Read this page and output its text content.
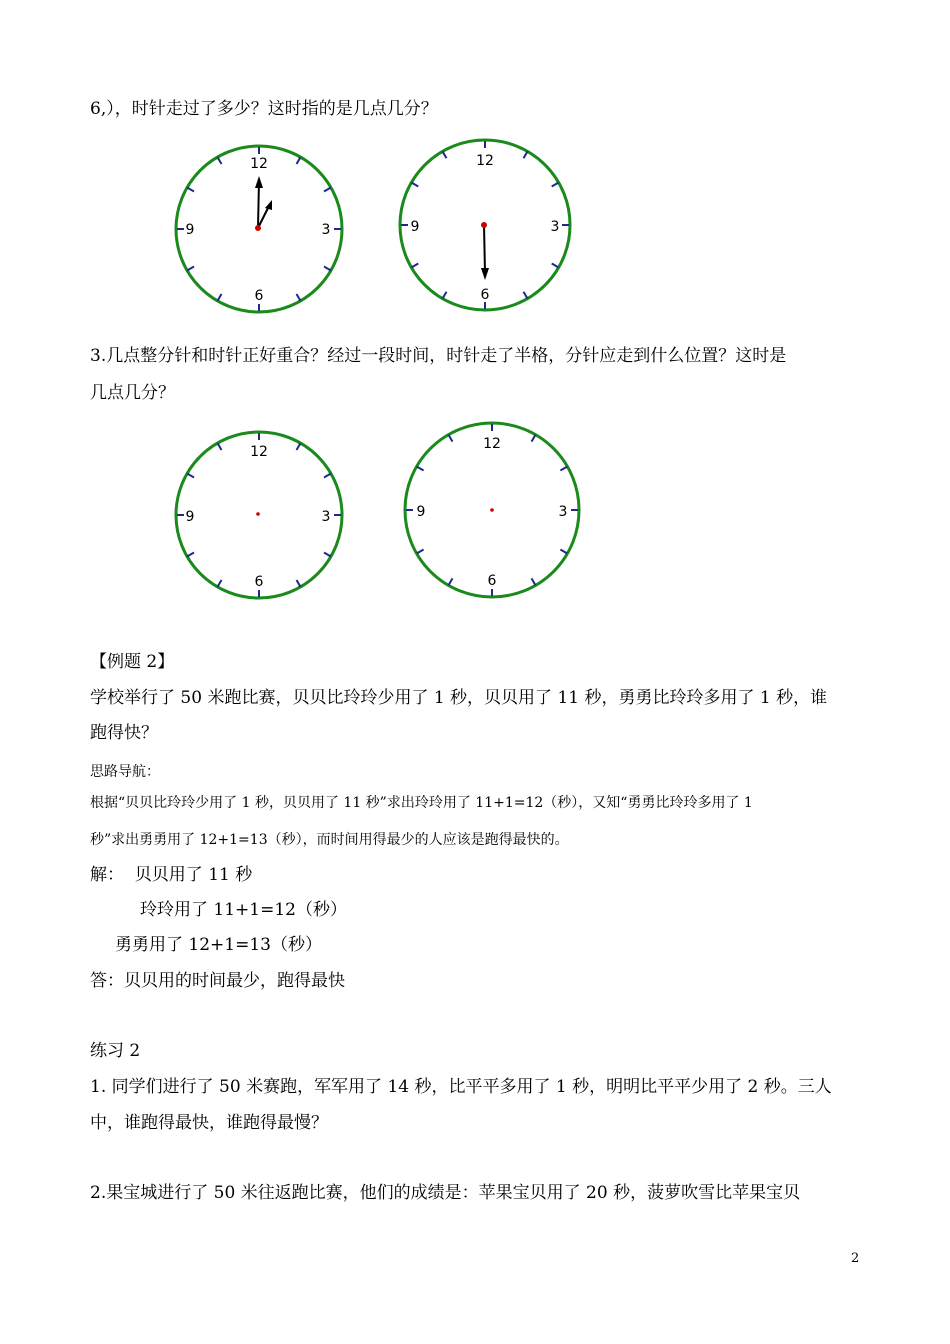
6,），时针走过了多少？这时指的是几点几分？
12
3
6
9
12
3
6
9
3.几点整分针和时针正好重合？经过一段时间，时针走了半格，分针应走到什么位置？这时是
几点几分？
12
3
6
9
12
3
6
9
【例题 2】
学校举行了 50 米跑比赛，贝贝比玲玲少用了 1 秒，贝贝用了 11 秒，勇勇比玲玲多用了 1 秒，谁
跑得快？
思路导航：
根据“贝贝比玲玲少用了 1 秒，贝贝用了 11 秒”求出玲玲用了 11+1=12（秒），又知“勇勇比玲玲多用了 1
秒”求出勇勇用了 12+1=13（秒），而时间用得最少的人应该是跑得最快的。
解：  贝贝用了 11 秒
玲玲用了 11+1=12（秒）
勇勇用了 12+1=13（秒）
答：贝贝用的时间最少，跑得最快
练习 2
1. 同学们进行了 50 米赛跑，军军用了 14 秒，比平平多用了 1 秒，明明比平平少用了 2 秒。三人
中，谁跑得最快，谁跑得最慢？
2.果宝城进行了 50 米往返跑比赛，他们的成绩是：苹果宝贝用了 20 秒，菠萝吹雪比苹果宝贝
2
